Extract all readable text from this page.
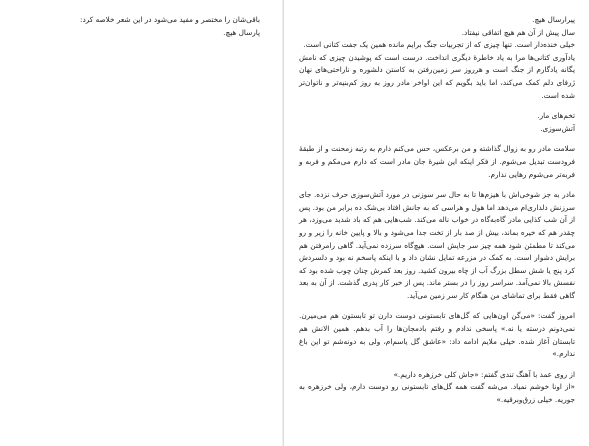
باقی‌شان را مختصر و مفید می‌شود در این شعر خلاصه کرد:

پارسال هیچ.

پیرارسال هیچ.

سال پیش از آن هم هیچ اتفاقی نیفتاد.

خیلی خنده‌دار است. تنها چیزی که از تجربیات جنگ برایم مانده همین یک جفت کتانی است.

یادآوری کتانی‌ها مرا به یاد خاطره‌ٔ دیگری انداخت. درست است که پوشیدن چیزی که نامش یگانه یادگارم از جنگ است و هرروز سر زمین‌رفتن به کاستن دلشوره و ناراحتی‌های نهان ژرفای دلم کمک می‌کند، اما باید بگویم که این اواخر مادر روز به روز کم‌بنیه‌تر و ناتوان‌تر شده است.

تخم‌های مار.

آتش‌سوزی.

سلامت مادر رو به زوال گذاشته و من برعکس، حس می‌کنم دارم به رتبه ز‌محنت و از طبقه‌ٔ فرودست تبدیل می‌شوم. از فکر اینکه این شیرهٔ جان مادر است که دارم می‌مکم و فربه و فربه‌تر می‌شوم رهایی ندارم.

مادر به جز شوخی‌اش با هیزم‌ها تا به حال سر سوزنی در مورد آتش‌سوزی حرف نزده. جای سرزنش دلداری‌ام می‌دهد اما هول و هراسی که به جانش افتاد بی‌شک ده برابر من بود. پس از آن شب کذایی مادر گاه‌به‌گاه در خواب ناله می‌کند. شب‌هایی هم که باد شدید می‌وزد، هر چقدر هم که خیره بماند، بیش از صد بار از تخت جدا می‌شود و بالا و پایین خانه را زیر و رو می‌کند تا مطمئن شود همه چیز سر جایش است. هیچ‌گاه سرزده نمی‌آید. گاهی را‌مرفتن هم برایش دشوار است. به کمک در مزرعه تمایل نشان داد و با اینکه پاسخم نه بود و دلسردش کرد پنج یا شش سطل بزرگ آب از چاه بیرون کشید. روز بعد کمرش چنان چوب شده بود که نفسش بالا نمی‌آمد. سراسر روز را در بستر ماند. پس از خبر کار پدری گذشت. از آن به بعد گاهی فقط برای تماشای من هنگام کار سر زمین می‌آید.

امروز گفت: «می‌گن اون‌هایی که گل‌های تابستونی دوست دارن تو تابستون هم می‌میرن. نمی‌دونم درسته یا نه.» پاسخی ندادم و رفتم باد‌مجان‌ها را آب بدهم. همین الانش هم تابستان آغاز شده. خیلی ملایم ادامه داد: «عاشق گل یاسم‌ام، ولی به دونه‌شم تو این باغ ندارم.»

از روی عمد با آهنگ تندی گفتم: «جاش کلی خرزهره داریم.»

«از اونا خوشم نمیاد. می‌شه گفت همه گل‌های تابستونی رو دوست دارم، ولی خرزهره به جوریه. خیلی زرق‌وبرقیه.»
